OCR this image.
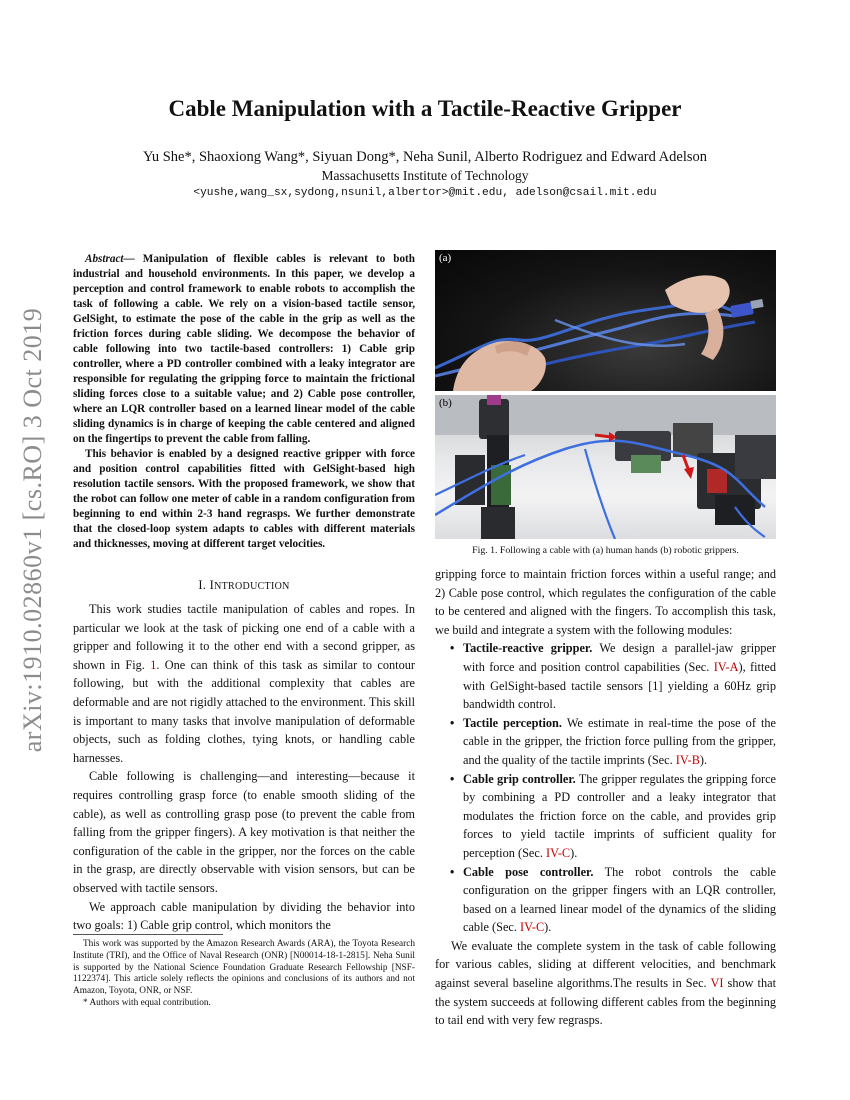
arXiv:1910.02860v1 [cs.RO] 3 Oct 2019
Cable Manipulation with a Tactile-Reactive Gripper
Yu She*, Shaoxiong Wang*, Siyuan Dong*, Neha Sunil, Alberto Rodriguez and Edward Adelson
Massachusetts Institute of Technology
<yushe,wang_sx,sydong,nsunil,albertor>@mit.edu, adelson@csail.mit.edu

Abstract— Manipulation of flexible cables is relevant to both industrial and household environments. In this paper, we develop a perception and control framework to enable robots to accomplish the task of following a cable. We rely on a vision-based tactile sensor, GelSight, to estimate the pose of the cable in the grip as well as the friction forces during cable sliding. We decompose the behavior of cable following into two tactile-based controllers: 1) Cable grip controller, where a PD controller combined with a leaky integrator are responsible for regulating the gripping force to maintain the frictional sliding forces close to a suitable value; and 2) Cable pose controller, where an LQR controller based on a learned linear model of the cable sliding dynamics is in charge of keeping the cable centered and aligned on the fingertips to prevent the cable from falling.

This behavior is enabled by a designed reactive gripper with force and position control capabilities fitted with GelSight-based high resolution tactile sensors. With the proposed framework, we show that the robot can follow one meter of cable in a random configuration from beginning to end within 2-3 hand regrasps. We further demonstrate that the closed-loop system adapts to cables with different materials and thicknesses, moving at different target velocities.

I. INTRODUCTION

This work studies tactile manipulation of cables and ropes. In particular we look at the task of picking one end of a cable with a gripper and following it to the other end with a second gripper, as shown in Fig. 1. One can think of this task as similar to contour following, but with the additional complexity that cables are deformable and are not rigidly attached to the environment. This skill is important to many tasks that involve manipulation of deformable objects, such as folding clothes, tying knots, or handling cable harnesses.

Cable following is challenging—and interesting—because it requires controlling grasp force (to enable smooth sliding of the cable), as well as controlling grasp pose (to prevent the cable from falling from the gripper fingers). A key motivation is that neither the configuration of the cable in the gripper, nor the forces on the cable in the grasp, are directly observable with vision sensors, but can be observed with tactile sensors.

We approach cable manipulation by dividing the behavior into two goals: 1) Cable grip control, which monitors the

This work was supported by the Amazon Research Awards (ARA), the Toyota Research Institute (TRI), and the Office of Naval Research (ONR) [N00014-18-1-2815]. Neha Sunil is supported by the National Science Foundation Graduate Research Fellowship [NSF-1122374]. This article solely reflects the opinions and conclusions of its authors and not Amazon, Toyota, ONR, or NSF.

* Authors with equal contribution.

(a)
(b)
Fig. 1. Following a cable with (a) human hands (b) robotic grippers.

gripping force to maintain friction forces within a useful range; and 2) Cable pose control, which regulates the configuration of the cable to be centered and aligned with the fingers. To accomplish this task, we build and integrate a system with the following modules:

• Tactile-reactive gripper. We design a parallel-jaw gripper with force and position control capabilities (Sec. IV-A), fitted with GelSight-based tactile sensors [1] yielding a 60Hz grip bandwidth control.
• Tactile perception. We estimate in real-time the pose of the cable in the gripper, the friction force pulling from the gripper, and the quality of the tactile imprints (Sec. IV-B).
• Cable grip controller. The gripper regulates the gripping force by combining a PD controller and a leaky integrator that modulates the friction force on the cable, and provides grip forces to yield tactile imprints of sufficient quality for perception (Sec. IV-C).
• Cable pose controller. The robot controls the cable configuration on the gripper fingers with an LQR controller, based on a learned linear model of the dynamics of the sliding cable (Sec. IV-C).

We evaluate the complete system in the task of cable following for various cables, sliding at different velocities, and benchmark against several baseline algorithms.The results in Sec. VI show that the system succeeds at following different cables from the beginning to tail end with very few regrasps.
